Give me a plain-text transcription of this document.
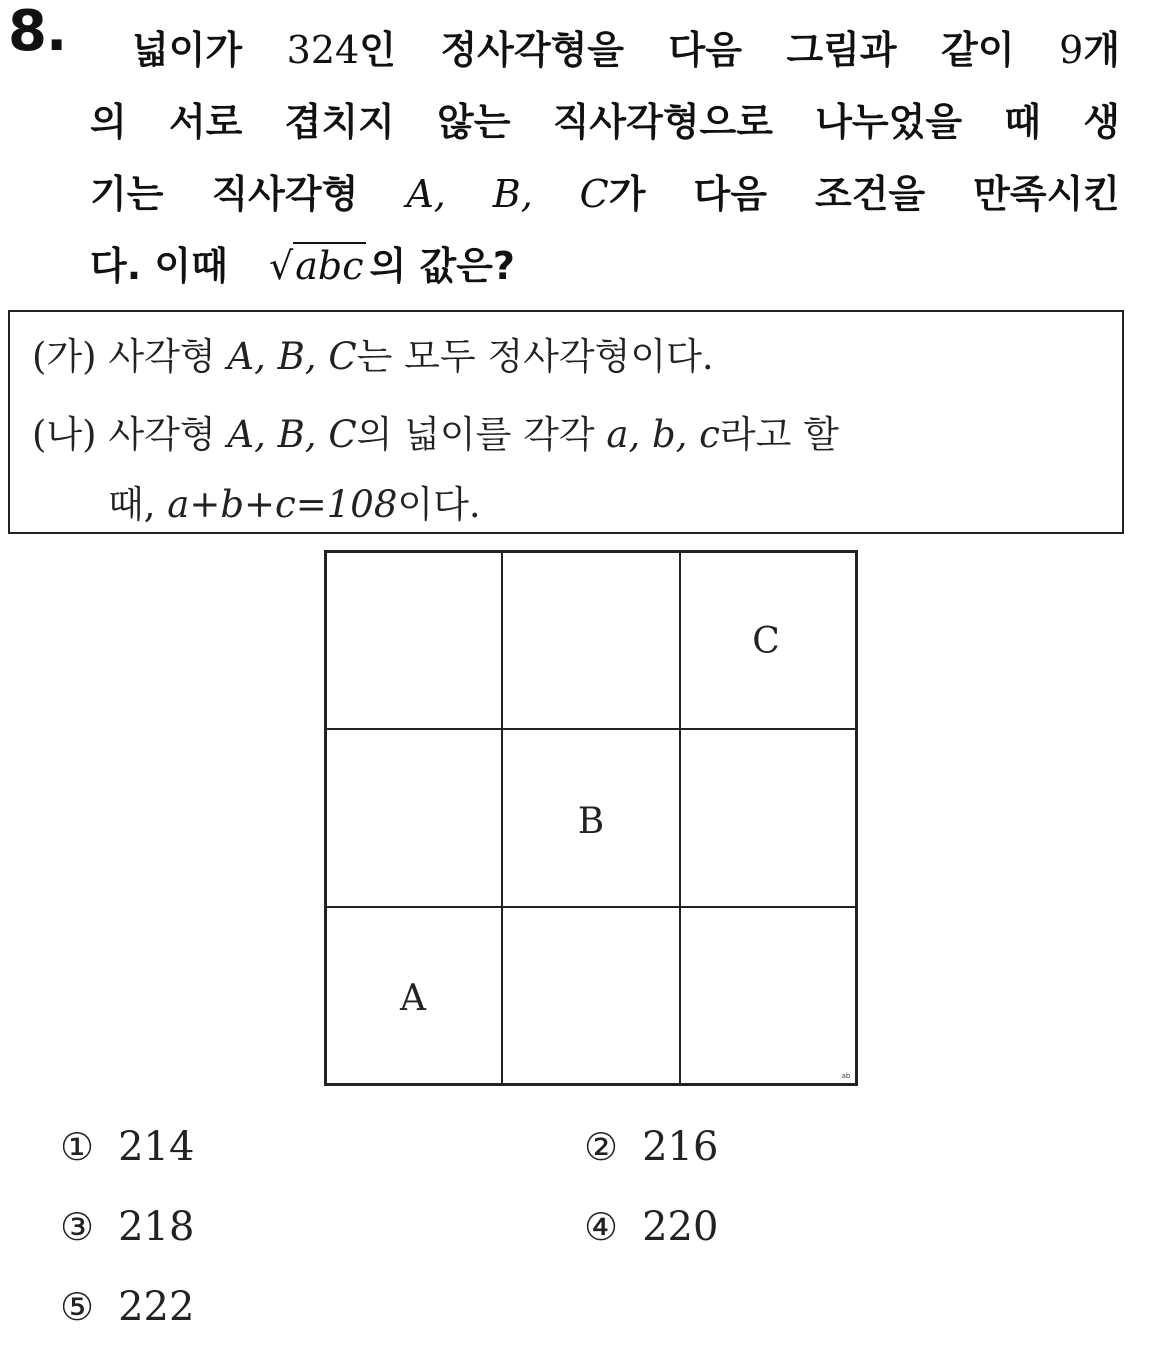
8.	넓이가 324인 정사각형을 다음 그림과 같이 9개
의 서로 겹치지 않는 직사각형으로 나누었을 때 생
기는 직사각형 A, B, C가 다음 조건을 만족시킨
다. 이때 √abc 의 값은?
(가) 사각형 A, B, C는 모두 정사각형이다.
(나) 사각형 A, B, C의 넓이를 각각 a, b, c라고 할
때, a+b+c=108이다.
C
B
A
ab
① 214	② 216
③ 218	④ 220
⑤ 222
